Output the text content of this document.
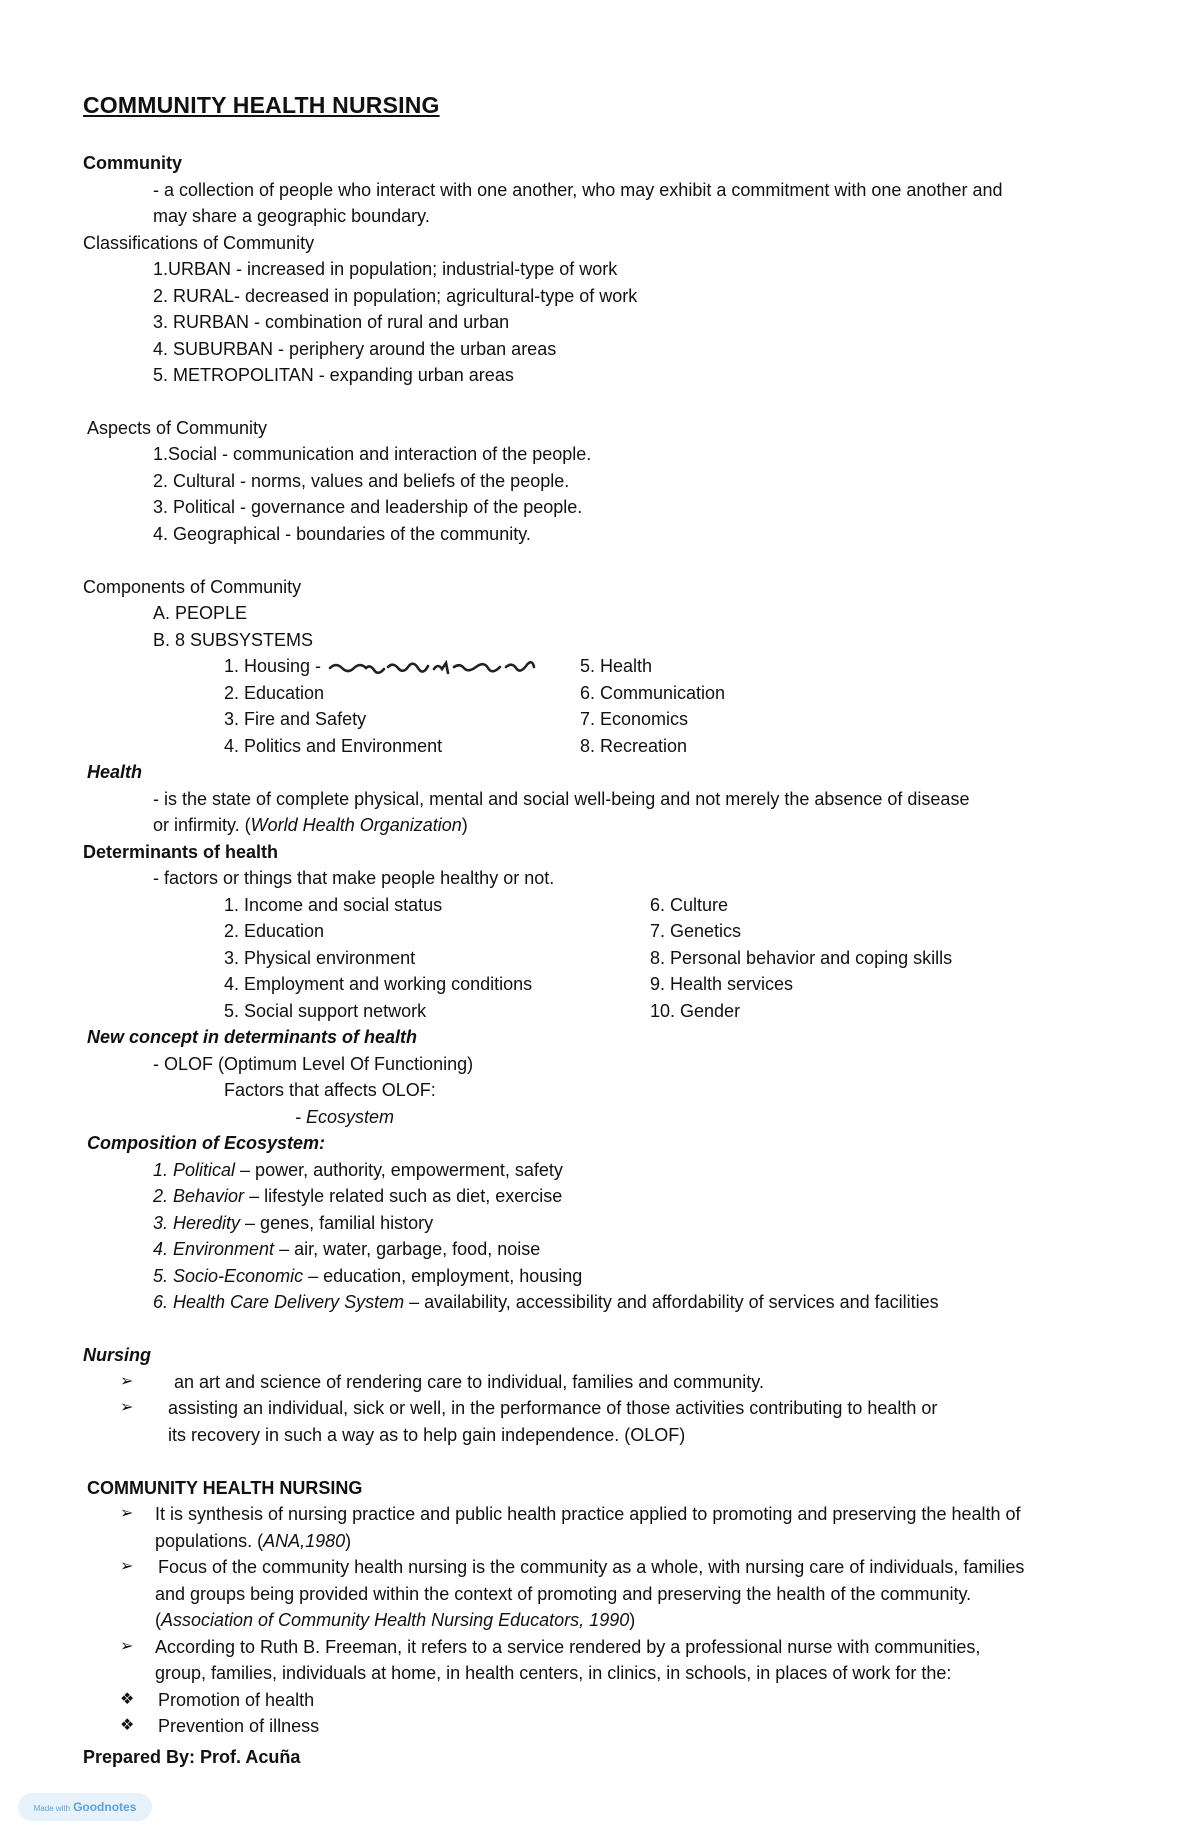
COMMUNITY HEALTH NURSING
Community
- a collection of people who interact with one another, who may exhibit a commitment with one another and
may share a geographic boundary.
Classifications of Community
1.URBAN - increased in population; industrial-type of work
2. RURAL- decreased in population; agricultural-type of work
3. RURBAN - combination of rural and urban
4. SUBURBAN - periphery around the urban areas
5. METROPOLITAN - expanding urban areas
Aspects of Community
1.Social - communication and interaction of the people.
2. Cultural - norms, values and beliefs of the people.
3. Political - governance and leadership of the people.
4. Geographical - boundaries of the community.
Components of Community
A. PEOPLE
B. 8 SUBSYSTEMS
1. Housing -
2. Education
3. Fire and Safety
4. Politics and Environment
5. Health
6. Communication
7. Economics
8. Recreation
Health
- is the state of complete physical, mental and social well-being and not merely the absence of disease
or infirmity. (World Health Organization)
Determinants of health
- factors or things that make people healthy or not.
1. Income and social status
2. Education
3. Physical environment
4. Employment and working conditions
5. Social support network
6. Culture
7. Genetics
8. Personal behavior and coping skills
9. Health services
10. Gender
New concept in determinants of health
- OLOF (Optimum Level Of Functioning)
Factors that affects OLOF:
- Ecosystem
Composition of Ecosystem:
1. Political – power, authority, empowerment, safety
2. Behavior – lifestyle related such as diet, exercise
3. Heredity – genes, familial history
4. Environment – air, water, garbage, food, noise
5. Socio-Economic – education, employment, housing
6. Health Care Delivery System – availability, accessibility and affordability of services and facilities
Nursing
➢ an art and science of rendering care to individual, families and community.
➢ assisting an individual, sick or well, in the performance of those activities contributing to health or
its recovery in such a way as to help gain independence. (OLOF)
COMMUNITY HEALTH NURSING
➢ It is synthesis of nursing practice and public health practice applied to promoting and preserving the health of
populations. (ANA,1980)
➢ Focus of the community health nursing is the community as a whole, with nursing care of individuals, families
and groups being provided within the context of promoting and preserving the health of the community.
(Association of Community Health Nursing Educators, 1990)
➢ According to Ruth B. Freeman, it refers to a service rendered by a professional nurse with communities,
group, families, individuals at home, in health centers, in clinics, in schools, in places of work for the:
❖ Promotion of health
❖ Prevention of illness
Prepared By: Prof. Acuña
Made with Goodnotes
